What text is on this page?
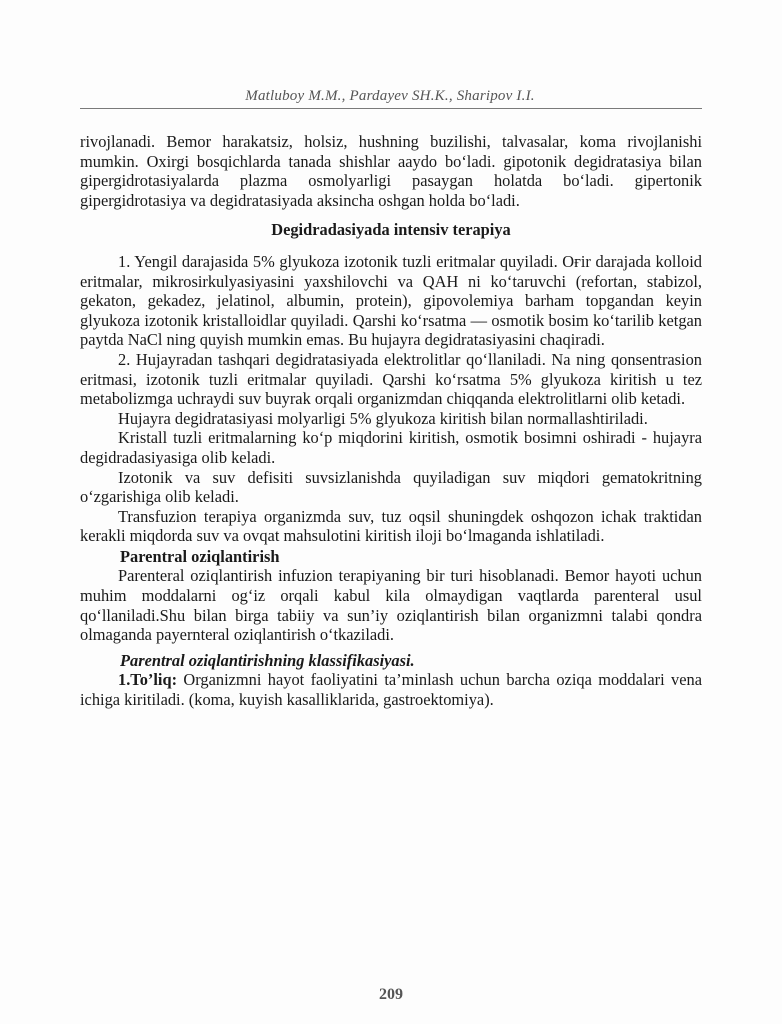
Matluboy M.M., Pardayev SH.K., Sharipov I.I.

rivojlanadi. Bemor harakatsiz, holsiz, hushning buzilishi, talvasalar, koma rivojlanishi mumkin. Oxirgi bosqichlarda tanada shishlar aaydo bo‘ladi. gipotonik degidratasiya bilan gipergidrotasiyalarda plazma osmolyarligi pasaygan holatda bo‘ladi. gipertonik gipergidrotasiya va degidratasiyada aksincha oshgan holda bo‘ladi.

Degidradasiyada intensiv terapiya

1. Yengil darajasida 5% glyukoza izotonik tuzli eritmalar quyiladi. Oғir darajada kolloid eritmalar, mikrosirkulyasiyasini yaxshilovchi va QAH ni ko‘taruvchi (refortan, stabizol, gekaton, gekadez, jelatinol, albumin, protein), gipovolemiya barham topgandan keyin glyukoza izotonik kristalloidlar quyiladi. Qarshi ko‘rsatma — osmotik bosim ko‘tarilib ketgan paytda NaCl ning quyish mumkin emas. Bu hujayra degidratasiyasini chaqiradi.

2. Hujayradan tashqari degidratasiyada elektrolitlar qo‘llaniladi. Na ning qonsentrasion eritmasi, izotonik tuzli eritmalar quyiladi. Qarshi ko‘rsatma 5% glyukoza kiritish u tez metabolizmga uchraydi suv buyrak orqali organizmdan chiqqanda elektrolitlarni olib ketadi.

Hujayra degidratasiyasi molyarligi 5% glyukoza kiritish bilan normallashtiriladi.

Kristall tuzli eritmalarning ko‘p miqdorini kiritish, osmotik bosimni oshiradi - hujayra degidradasiyasiga olib keladi.

Izotonik va suv defisiti suvsizlanishda quyiladigan suv miqdori gematokritning o‘zgarishiga olib keladi.

Transfuzion terapiya organizmda suv, tuz oqsil shuningdek oshqozon ichak traktidan kerakli miqdorda suv va ovqat mahsulotini kiritish iloji bo‘lmaganda ishlatiladi.

Parentral oziqlantirish

Parenteral oziqlantirish infuzion terapiyaning bir turi hisoblanadi. Bemor hayoti uchun muhim moddalarni og‘iz orqali kabul kila olmaydigan vaqtlarda parenteral usul qo‘llaniladi.Shu bilan birga tabiiy va sun’iy oziqlantirish bilan organizmni talabi qondra olmaganda payernteral oziqlantirish o‘tkaziladi.

Parentral oziqlantirishning klassifikasiyasi.

1.To’liq: Organizmni hayot faoliyatini ta’minlash uchun barcha oziqa moddalari vena ichiga kiritiladi. (koma, kuyish kasalliklarida, gastroektomiya).

209
